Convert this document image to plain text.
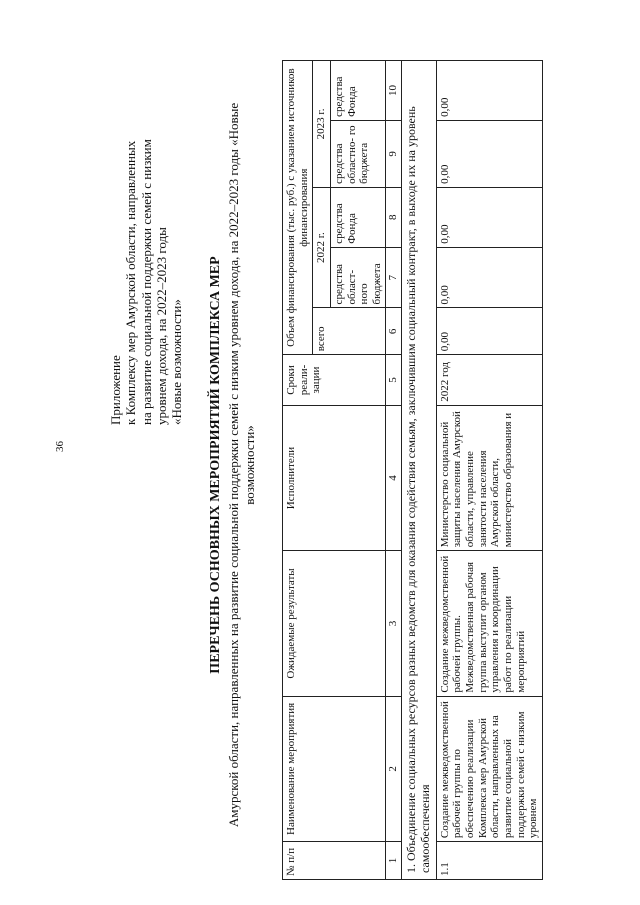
36
Приложение к Комплексу мер Амурской области, направленных на развитие социальной поддержки семей с низким уровнем дохода, на 2022–2023 годы «Новые возможности» ПЕРЕЧЕНЬ ОСНОВНЫХ МЕРОПРИЯТИЙ КОМПЛЕКСА МЕР Амурской области, направленных на развитие социальной поддержки семей с низким уровнем дохода, на 2022–2023 годы «Новые возможности»
№ п/п	Наименование мероприятия	Ожидаемые результаты	Исполнители	Сроки реали- зации	Объем финансирования (тыс. руб.) с указанием источников финансирования				
					всего	2022 г.		2023 г.	
						средства област- ного бюджета	средства Фонда	средства областно- го бюджета	средства Фонда
1	2	3	4	5	6	7	8	9	10
1. Объединение социальных ресурсов разных ведомств для оказания содействия семьям, заключившим социальный контракт, в выходе их на уровень самообеспечения									
1.1	Создание межведомственной рабочей группы по обеспечению реализации Комплекса мер Амурской области, направленных на развитие социальной поддержки семей с низким уровнем	Создание межведомственной рабочей группы. Межведомственная рабочая группа выступит органом управления и координации работ по реализации мероприятий	Министерство социальной защиты населения Амурской области, управление занятости населения Амурской области, министерство образования и	2022 год	0,00	0,00	0,00	0,00	0,00
